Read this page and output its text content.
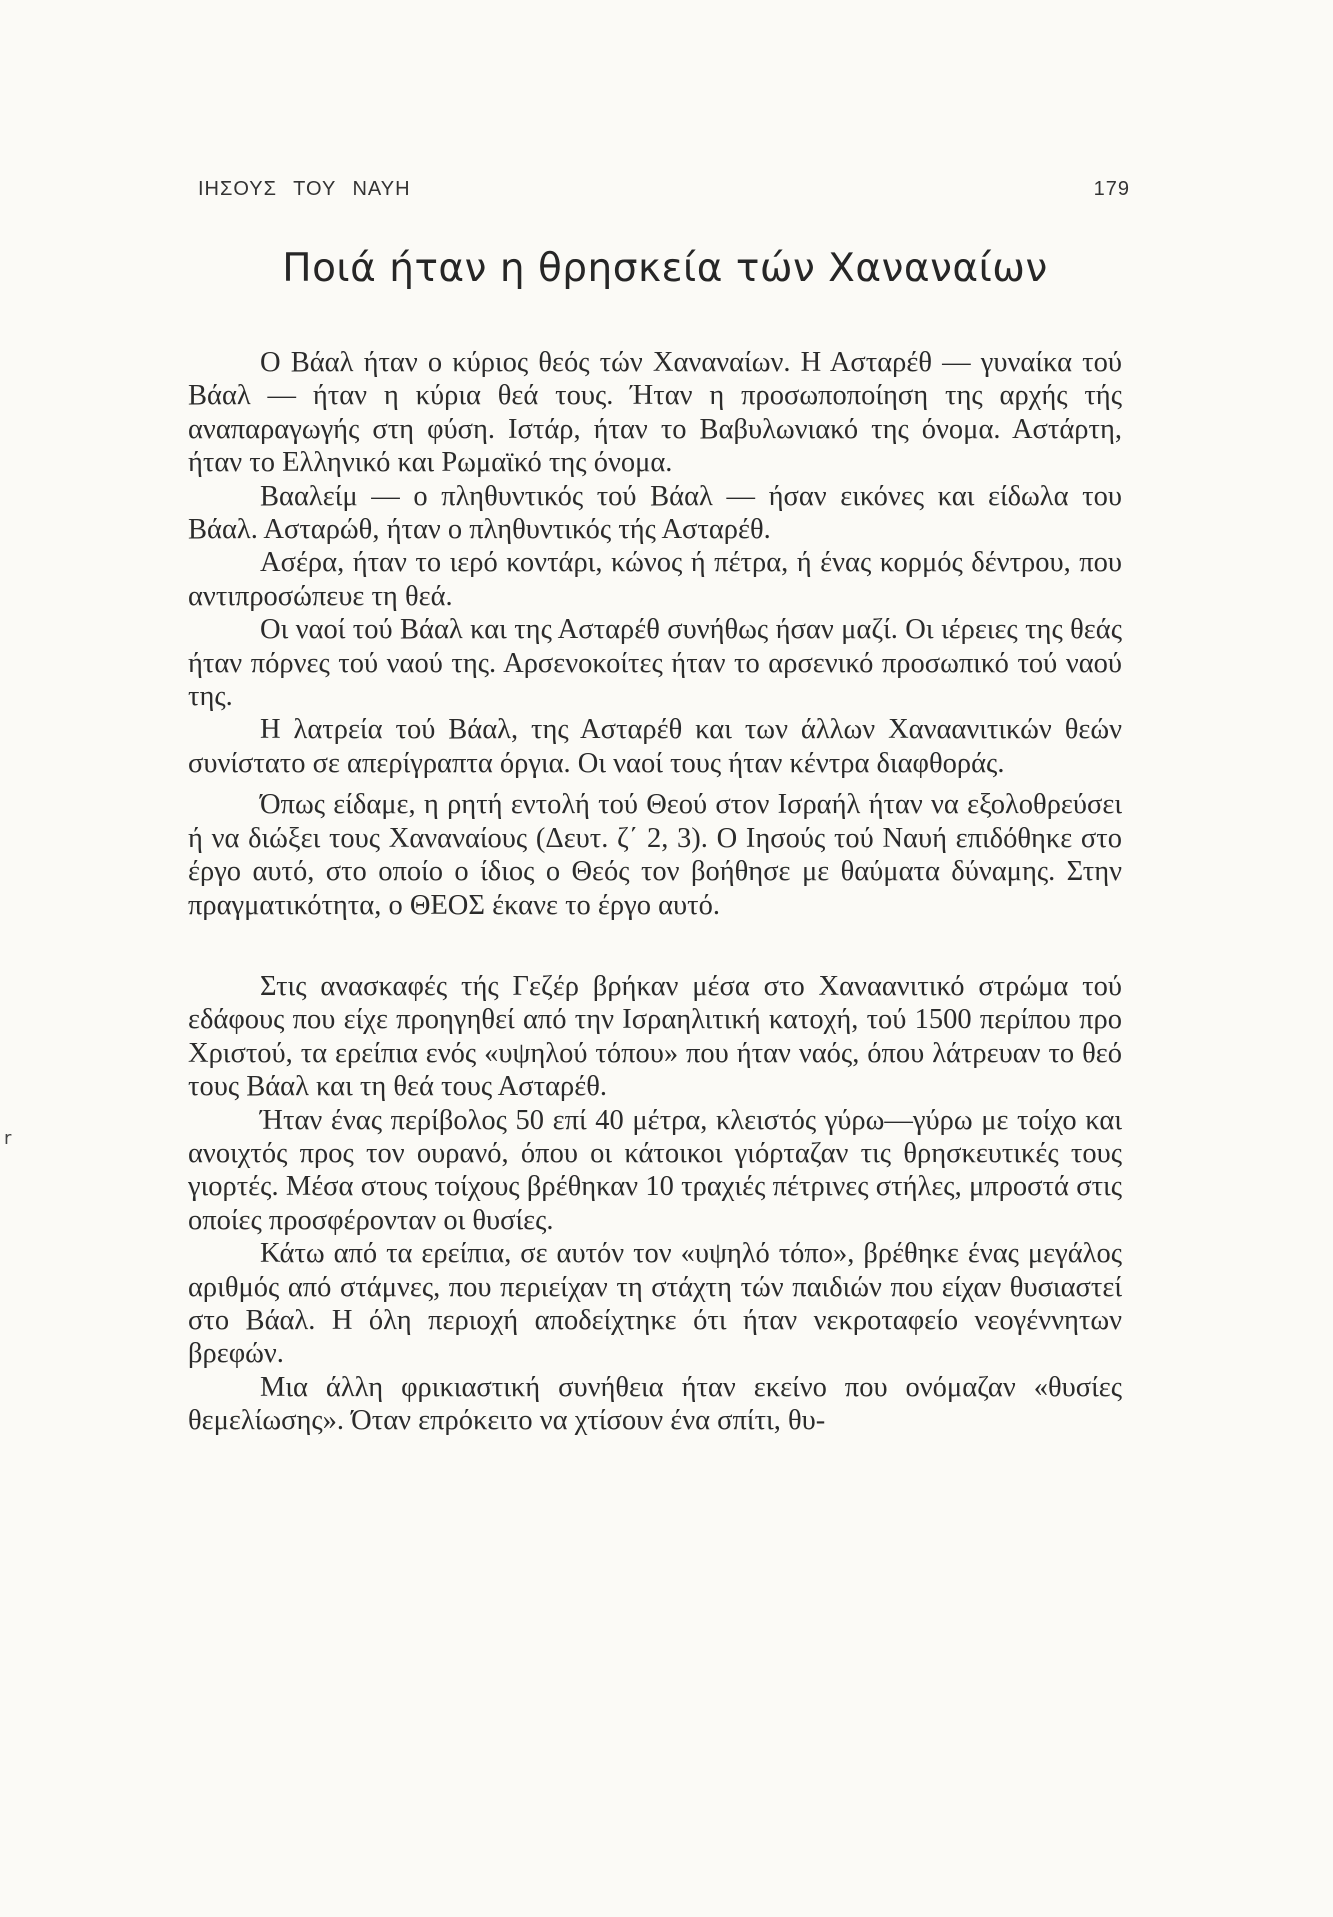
ΙΗΣΟΥΣ ΤΟΥ ΝΑΥΗ	179
Ποιά ήταν η θρησκεία τών Χαναναίων

Ο Βάαλ ήταν ο κύριος θεός τών Χαναναίων. Η Ασταρέθ — γυναίκα τού Βάαλ — ήταν η κύρια θεά τους. Ήταν η προσωποποίηση της αρχής τής αναπαραγωγής στη φύση. Ιστάρ, ήταν το Βαβυλωνιακό της όνομα. Αστάρτη, ήταν το Ελληνικό και Ρωμαϊκό της όνομα.

Βααλείμ — ο πληθυντικός τού Βάαλ — ήσαν εικόνες και είδωλα του Βάαλ. Ασταρώθ, ήταν ο πληθυντικός τής Ασταρέθ.

Ασέρα, ήταν το ιερό κοντάρι, κώνος ή πέτρα, ή ένας κορμός δέντρου, που αντιπροσώπευε τη θεά.

Οι ναοί τού Βάαλ και της Ασταρέθ συνήθως ήσαν μαζί. Οι ιέρειες της θεάς ήταν πόρνες τού ναού της. Αρσενοκοίτες ήταν το αρσενικό προσωπικό τού ναού της.

Η λατρεία τού Βάαλ, της Ασταρέθ και των άλλων Χαναανιτικών θεών συνίστατο σε απερίγραπτα όργια. Οι ναοί τους ήταν κέντρα διαφθοράς.

Όπως είδαμε, η ρητή εντολή τού Θεού στον Ισραήλ ήταν να εξολοθρεύσει ή να διώξει τους Χαναναίους (Δευτ. ζ΄ 2, 3). Ο Ιησούς τού Ναυή επιδόθηκε στο έργο αυτό, στο οποίο ο ίδιος ο Θεός τον βοήθησε με θαύματα δύναμης. Στην πραγματικότητα, ο ΘΕΟΣ έκανε το έργο αυτό.

Στις ανασκαφές τής Γεζέρ βρήκαν μέσα στο Χαναανιτικό στρώμα τού εδάφους που είχε προηγηθεί από την Ισραηλιτική κατοχή, τού 1500 περίπου προ Χριστού, τα ερείπια ενός «υψηλού τόπου» που ήταν ναός, όπου λάτρευαν το θεό τους Βάαλ και τη θεά τους Ασταρέθ.

Ήταν ένας περίβολος 50 επί 40 μέτρα, κλειστός γύρω—γύρω με τοίχο και ανοιχτός προς τον ουρανό, όπου οι κάτοικοι γιόρταζαν τις θρησκευτικές τους γιορτές. Μέσα στους τοίχους βρέθηκαν 10 τραχιές πέτρινες στήλες, μπροστά στις οποίες προσφέρονταν οι θυσίες.

Κάτω από τα ερείπια, σε αυτόν τον «υψηλό τόπο», βρέθηκε ένας μεγάλος αριθμός από στάμνες, που περιείχαν τη στάχτη τών παιδιών που είχαν θυσιαστεί στο Βάαλ. Η όλη περιοχή αποδείχτηκε ότι ήταν νεκροταφείο νεογέννητων βρεφών.

Μια άλλη φρικιαστική συνήθεια ήταν εκείνο που ονόμαζαν «θυσίες θεμελίωσης». Όταν επρόκειτο να χτίσουν ένα σπίτι, θυ-

r
